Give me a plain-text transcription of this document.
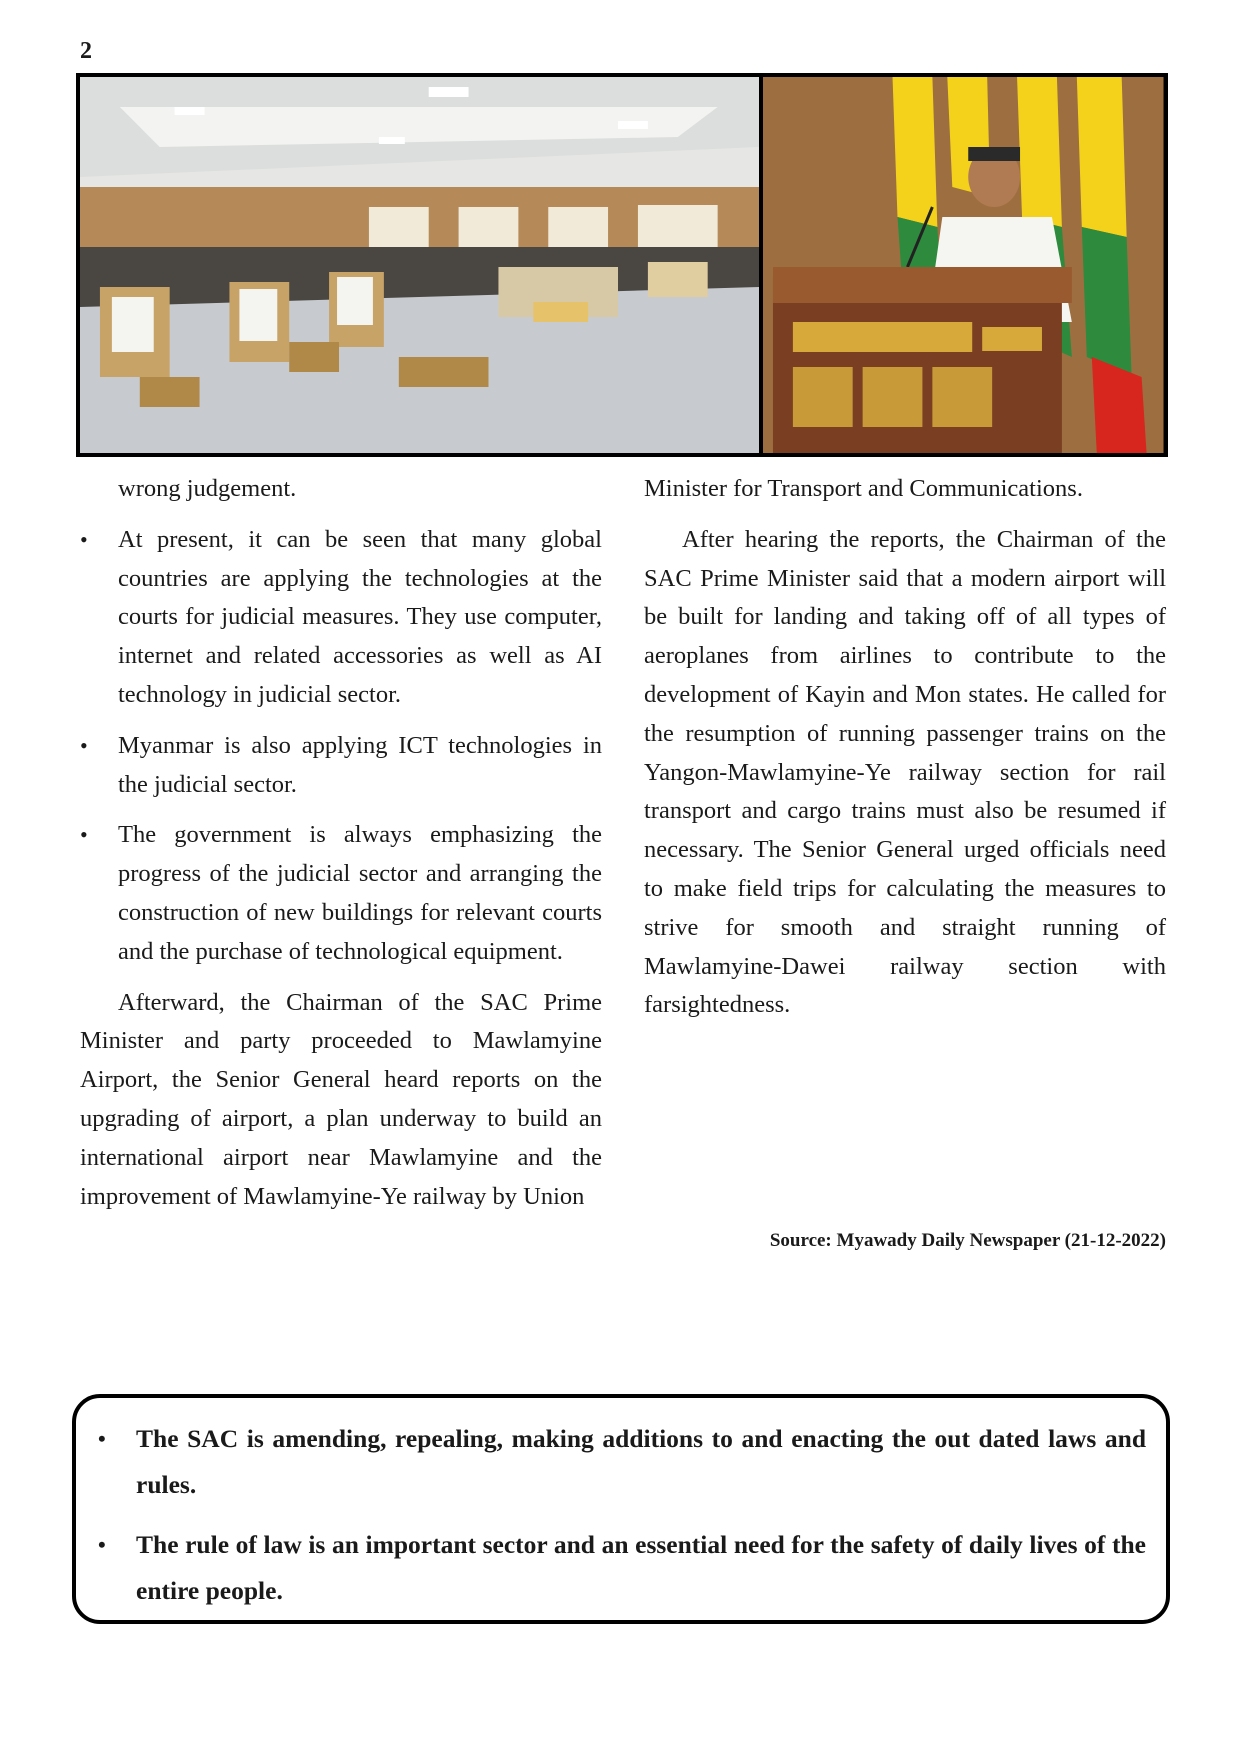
2

wrong judgement.

• At present, it can be seen that many global countries are applying the technologies at the courts for judicial measures. They use computer, internet and related accessories as well as AI technology in judicial sector.
• Myanmar is also applying ICT technologies in the judicial sector.
• The government is always emphasizing the progress of the judicial sector and arranging the construction of new buildings for relevant courts and the purchase of technological equipment.

Afterward, the Chairman of the SAC Prime Minister and party proceeded to Mawlamyine Airport, the Senior General heard reports on the upgrading of airport, a plan underway to build an international airport near Mawlamyine and the improvement of Mawlamyine-Ye railway by Union

Minister for Transport and Communications.

After hearing the reports, the Chairman of the SAC Prime Minister said that a modern airport will be built for landing and taking off of all types of aeroplanes from airlines to contribute to the development of Kayin and Mon states. He called for the resumption of running passenger trains on the Yangon-Mawlamyine-Ye railway section for rail transport and cargo trains must also be resumed if necessary. The Senior General urged officials need to make field trips for calculating the measures to strive for smooth and straight running of Mawlamyine-Dawei railway section with farsightedness.

Source: Myawady Daily Newspaper (21-12-2022)
• The SAC is amending, repealing, making additions to and enacting the out dated laws and rules.
• The rule of law is an important sector and an essential need for the safety of daily lives of the entire people.
